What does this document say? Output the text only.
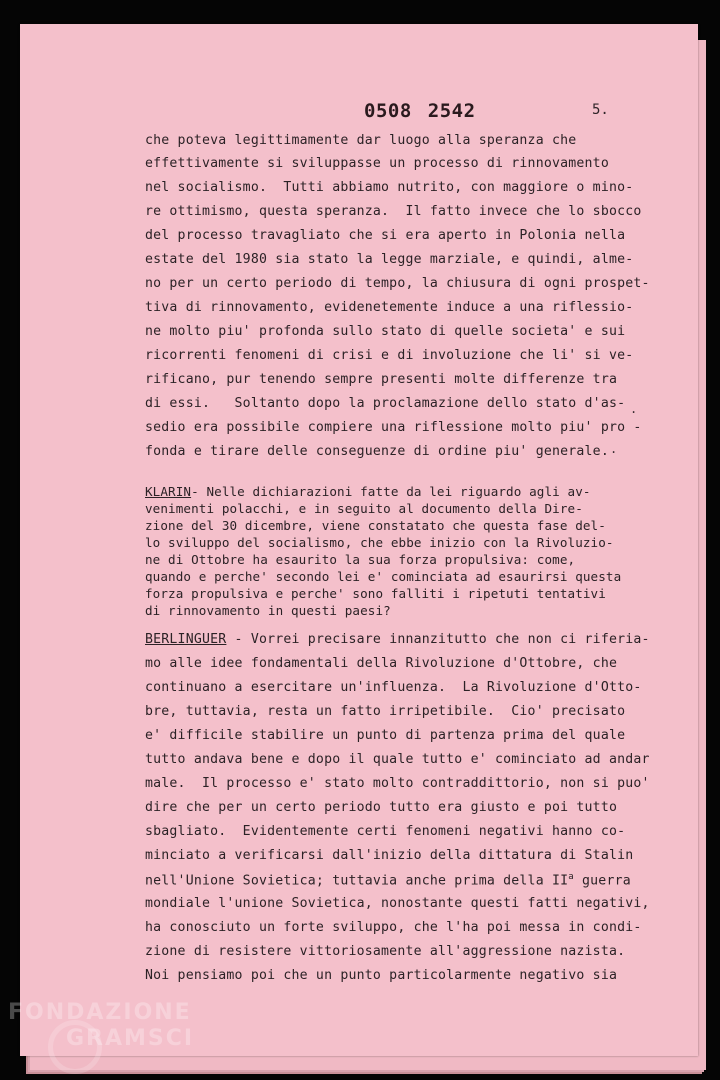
0508 2542	5.
che poteva legittimamente dar luogo alla speranza che
effettivamente si sviluppasse un processo di rinnovamento
nel socialismo.  Tutti abbiamo nutrito, con maggiore o mino-
re ottimismo, questa speranza.  Il fatto invece che lo sbocco
del processo travagliato che si era aperto in Polonia nella
estate del 1980 sia stato la legge marziale, e quindi, alme-
no per un certo periodo di tempo, la chiusura di ogni prospet-
tiva di rinnovamento, evidenetemente induce a una riflessio-
ne molto piu' profonda sullo stato di quelle societa' e sui
ricorrenti fenomeni di crisi e di involuzione che li' si ve-
rificano, pur tenendo sempre presenti molte differenze tra
di essi.   Soltanto dopo la proclamazione dello stato d'as-
sedio era possibile compiere una riflessione molto piu' pro -
fonda e tirare delle conseguenze di ordine piu' generale.
.
.
KLARIN- Nelle dichiarazioni fatte da lei riguardo agli av-
venimenti polacchi, e in seguito al documento della Dire-
zione del 30 dicembre, viene constatato che questa fase del-
lo sviluppo del socialismo, che ebbe inizio con la Rivoluzio-
ne di Ottobre ha esaurito la sua forza propulsiva: come,
quando e perche' secondo lei e' cominciata ad esaurirsi questa
forza propulsiva e perche' sono falliti i ripetuti tentativi
di rinnovamento in questi paesi?
BERLINGUER - Vorrei precisare innanzitutto che non ci riferia-
mo alle idee fondamentali della Rivoluzione d'Ottobre, che
continuano a esercitare un'influenza.  La Rivoluzione d'Otto-
bre, tuttavia, resta un fatto irripetibile.  Cio' precisato
e' difficile stabilire un punto di partenza prima del quale
tutto andava bene e dopo il quale tutto e' cominciato ad andar
male.  Il processo e' stato molto contraddittorio, non si puo'
dire che per un certo periodo tutto era giusto e poi tutto
sbagliato.  Evidentemente certi fenomeni negativi hanno co-
minciato a verificarsi dall'inizio della dittatura di Stalin
nell'Unione Sovietica; tuttavia anche prima della $II^a$ guerra
mondiale l'unione Sovietica, nonostante questi fatti negativi,
ha conosciuto un forte sviluppo, che l'ha poi messa in condi-
zione di resistere vittoriosamente all'aggressione nazista.
Noi pensiamo poi che un punto particolarmente negativo sia
FONDAZIONE
GRAMSCI
